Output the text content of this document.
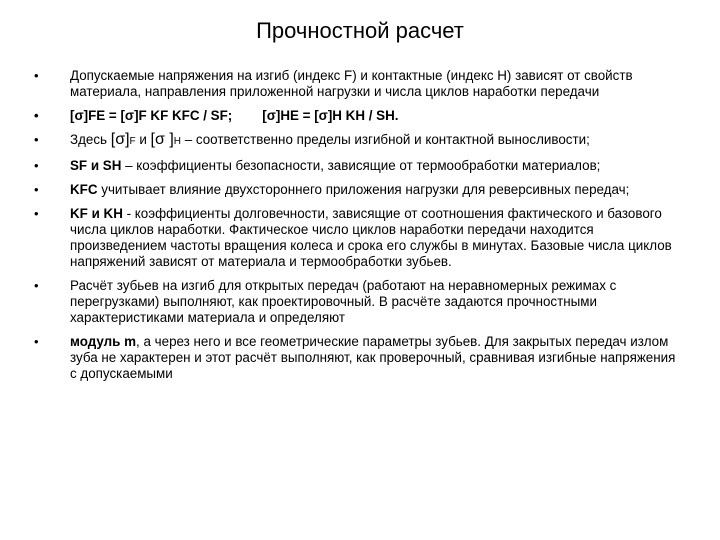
Прочностной расчет
•	Допускаемые напряжения на изгиб (индекс F) и контактные (индекс H) зависят от свойств материала, направления приложенной нагрузки и числа циклов наработки передачи
•	[σ]FE = [σ]F KF KFC / SF; [σ]HE = [σ]H KH / SH.
•	Здесь [σ]F и [σ ]H – соответственно пределы изгибной и контактной выносливости;
•	SF и SH – коэффициенты безопасности, зависящие от термообработки материалов;
•	KFC учитывает влияние двухстороннего приложения нагрузки для реверсивных передач;
•	KF и KH - коэффициенты долговечности, зависящие от соотношения фактического и базового числа циклов наработки. Фактическое число циклов наработки передачи находится произведением частоты вращения колеса и срока его службы в минутах. Базовые числа циклов напряжений зависят от материала и термообработки зубьев.
•	Расчёт зубьев на изгиб для открытых передач (работают на неравномерных режимах с перегрузками) выполняют, как проектировочный. В расчёте задаются прочностными характеристиками материала и определяют
•	модуль m, а через него и все геометрические параметры зубьев. Для закрытых передач излом зуба не характерен и этот расчёт выполняют, как проверочный, сравнивая изгибные напряжения с допускаемыми
